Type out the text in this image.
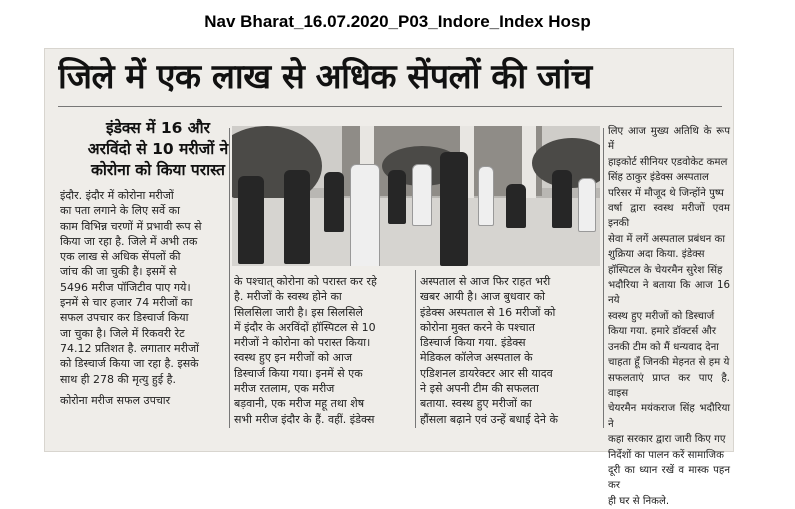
Nav Bharat_16.07.2020_P03_Indore_Index Hosp
जिले में एक लाख से अधिक सेंपलों की जांच
इंडेक्स में 16 और
अरविंदो से 10 मरीजों ने
कोरोना को किया परास्त

इंदौर. इंदौर में कोरोना मरीजों

का पता लगाने के लिए सर्वे का

काम विभिन्न चरणों में प्रभावी रूप से

किया जा रहा है. जिले में अभी तक

एक लाख से अधिक सेंपलों की

जांच की जा चुकी है। इसमें से

5496 मरीज पॉजिटीव पाए गये।

इनमें से चार हजार 74 मरीजों का

सफल उपचार कर डिस्चार्ज किया

जा चुका है। जिले में रिकवरी रेट

74.12 प्रतिशत है. लगातार मरीजों

को डिस्चार्ज किया जा रहा है. इसके

साथ ही 278 की मृत्यु हुई है.

कोरोना मरीज सफल उपचार

के पश्चात् कोरोना को परास्त कर रहे

है. मरीजों के स्वस्थ होने का

सिलसिला जारी है। इस सिलसिले

में इंदौर के अरविंदों हॉस्पिटल से 10

मरीजों ने कोरोना को परास्त किया।

स्वस्थ हुए इन मरीजों को आज

डिस्चार्ज किया गया। इनमें से एक

मरीज रतलाम, एक मरीज

बड़वानी, एक मरीज महू तथा शेष

सभी मरीज इंदौर के हैं. वहीं. इंडेक्स

अस्पताल से आज फिर राहत भरी

खबर आयी है। आज बुधवार को

इंडेक्स अस्पताल से 16 मरीजों को

कोरोना मुक्त करने के पश्चात

डिस्चार्ज किया गया. इंडेक्स

मेडिकल कॉलेज अस्पताल के

एडिशनल डायरेक्टर आर सी यादव

ने इसे अपनी टीम की सफलता

बताया. स्वस्थ हुए मरीजों का

हौंसला बढ़ाने एवं उन्हें बधाई देने के

लिए आज मुख्य अतिथि के रूप में

हाइकोर्ट सीनियर एडवोकेट कमल

सिंह ठाकुर इंडेक्स अस्पताल

परिसर में मौजूद थे जिन्होंने पुष्प

वर्षा द्वारा स्वस्थ मरीजों एवम इनकी

सेवा में लगें अस्पताल प्रबंधन का

शुक्रिया अदा किया. इंडेक्स

हॉस्पिटल के चेयरमैन सुरेश सिंह

भदौरिया ने बताया कि आज 16 नये

स्वस्थ हुए मरीजों को डिस्चार्ज

किया गया. हमारे डॉक्टर्स और

उनकी टीम को मैं धन्यवाद देना

चाहता हूँ जिनकी मेहनत से हम ये

सफलताएं प्राप्त कर पाए है. वाइस

चेयरमैन मयंकराज सिंह भदौरिया ने

कहा सरकार द्वारा जारी किए गए

निर्देशों का पालन करें सामाजिक

दूरी का ध्यान रखें व मास्क पहन कर

ही घर से निकले.
